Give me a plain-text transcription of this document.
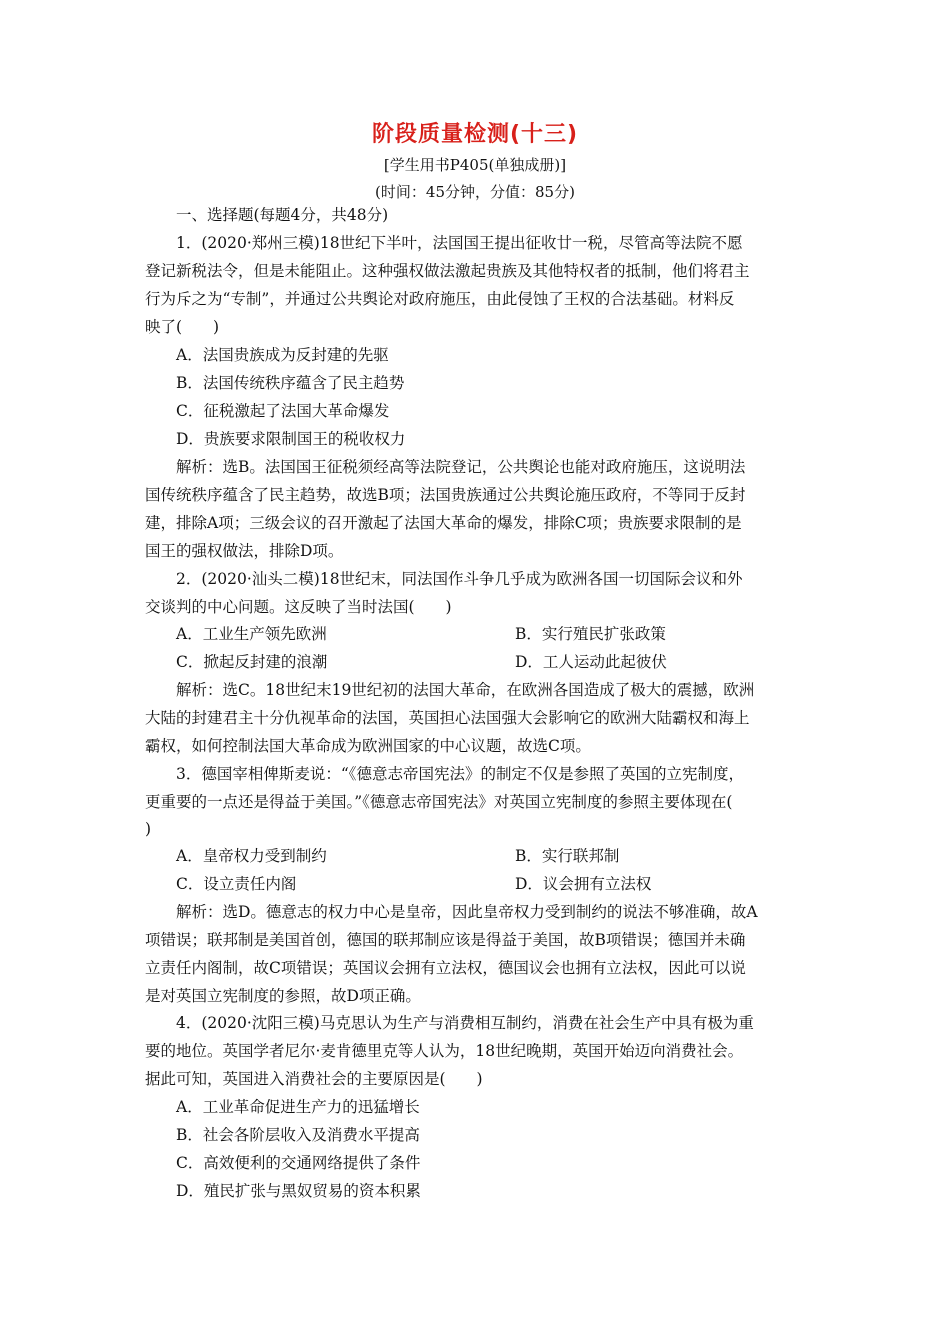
阶段质量检测(十三)
[学生用书P405(单独成册)]
(时间：45分钟，分值：85分)
一、选择题(每题4分，共48分)
1．(2020·郑州三模)18世纪下半叶，法国国王提出征收廿一税，尽管高等法院不愿
登记新税法令，但是未能阻止。这种强权做法激起贵族及其他特权者的抵制，他们将君主
行为斥之为“专制”，并通过公共舆论对政府施压，由此侵蚀了王权的合法基础。材料反
映了(　　)
A．法国贵族成为反封建的先驱
B．法国传统秩序蕴含了民主趋势
C．征税激起了法国大革命爆发
D．贵族要求限制国王的税收权力
解析：选B。法国国王征税须经高等法院登记，公共舆论也能对政府施压，这说明法
国传统秩序蕴含了民主趋势，故选B项；法国贵族通过公共舆论施压政府，不等同于反封
建，排除A项；三级会议的召开激起了法国大革命的爆发，排除C项；贵族要求限制的是
国王的强权做法，排除D项。
2．(2020·汕头二模)18世纪末，同法国作斗争几乎成为欧洲各国一切国际会议和外
交谈判的中心问题。这反映了当时法国(　　)
A．工业生产领先欧洲	B．实行殖民扩张政策
C．掀起反封建的浪潮	D．工人运动此起彼伏
解析：选C。18世纪末19世纪初的法国大革命，在欧洲各国造成了极大的震撼，欧洲
大陆的封建君主十分仇视革命的法国，英国担心法国强大会影响它的欧洲大陆霸权和海上
霸权，如何控制法国大革命成为欧洲国家的中心议题，故选C项。
3．德国宰相俾斯麦说：“《德意志帝国宪法》的制定不仅是参照了英国的立宪制度，
更重要的一点还是得益于美国。”《德意志帝国宪法》对英国立宪制度的参照主要体现在(
)
A．皇帝权力受到制约	B．实行联邦制
C．设立责任内阁	D．议会拥有立法权
解析：选D。德意志的权力中心是皇帝，因此皇帝权力受到制约的说法不够准确，故A
项错误；联邦制是美国首创，德国的联邦制应该是得益于美国，故B项错误；德国并未确
立责任内阁制，故C项错误；英国议会拥有立法权，德国议会也拥有立法权，因此可以说
是对英国立宪制度的参照，故D项正确。
4．(2020·沈阳三模)马克思认为生产与消费相互制约，消费在社会生产中具有极为重
要的地位。英国学者尼尔·麦肯德里克等人认为，18世纪晚期，英国开始迈向消费社会。
据此可知，英国进入消费社会的主要原因是(　　)
A．工业革命促进生产力的迅猛增长
B．社会各阶层收入及消费水平提高
C．高效便利的交通网络提供了条件
D．殖民扩张与黑奴贸易的资本积累
